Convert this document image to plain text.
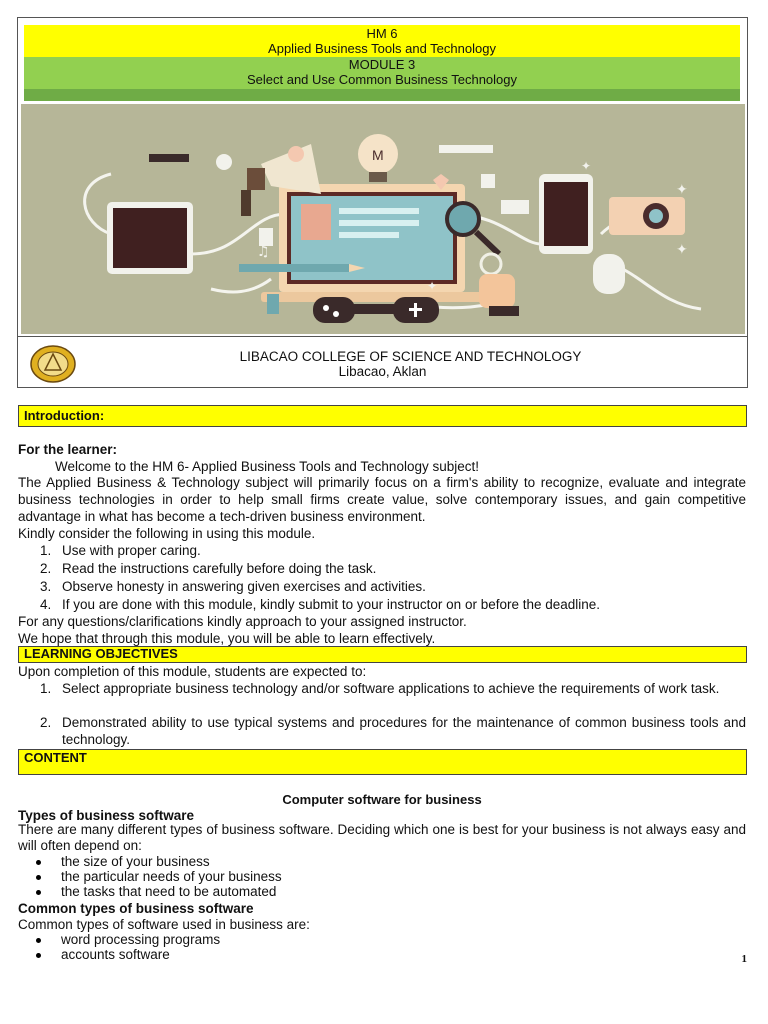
HM 6
Applied Business Tools and Technology
MODULE 3
Select and Use Common Business Technology
M
♫
✦
✦
✦
✦
LIBACAO COLLEGE OF SCIENCE AND TECHNOLOGY
Libacao, Aklan
Introduction:
For the learner:
Welcome to the HM 6- Applied Business Tools and Technology subject!
The Applied Business & Technology subject will primarily focus on a firm's ability to recognize, evaluate and integrate business technologies in order to help small firms create value, solve contemporary issues, and gain competitive advantage in what has become a tech-driven business environment.
Kindly consider the following in using this module.
1. Use with proper caring.
2. Read the instructions carefully before doing the task.
3. Observe honesty in answering given exercises and activities.
4. If you are done with this module, kindly submit to your instructor on or before the deadline.
For any questions/clarifications kindly approach to your assigned instructor.
We hope that through this module, you will be able to learn effectively.
LEARNING OBJECTIVES
Upon completion of this module, students are expected to:
1. Select appropriate business technology and/or software applications to achieve the requirements of work task.
2. Demonstrated ability to use typical systems and procedures for the maintenance of common business tools and technology.
CONTENT
Computer software for business
Types of business software
There are many different types of business software. Deciding which one is best for your business is not always easy and will often depend on:
the size of your business
the particular needs of your business
the tasks that need to be automated
Common types of business software
Common types of software used in business are:
word processing programs
accounts software	1
